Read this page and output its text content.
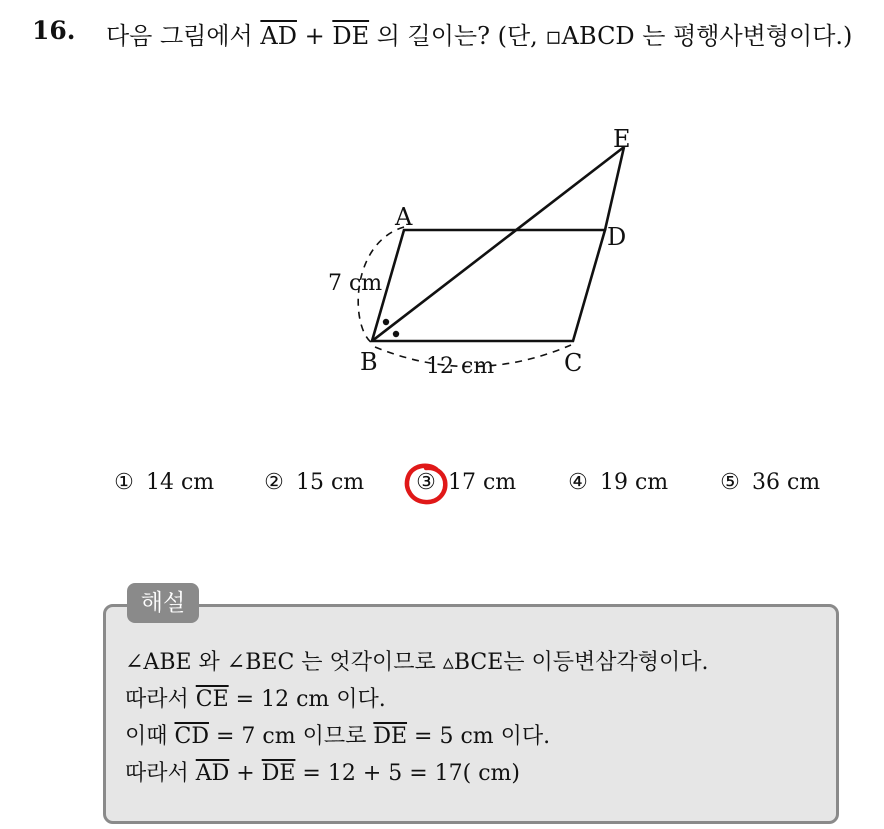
16. 다음 그림에서 $\overline{AD} + \overline{DE}$ 의 길이는? (단, ▫ABCD 는 평행사변형이다.)
A
B	C
D
E
7 cm
12 cm
① 14 cm ② 15 cm ③ 17 cm ④ 19 cm ⑤ 36 cm
해설
∠ABE 와 ∠BEC 는 엇각이므로 ▵BCE는 이등변삼각형이다.
따라서 $\overline{CE} = 12$ cm 이다.
이때 $\overline{CD} = 7$ cm 이므로 $\overline{DE} = 5$ cm 이다.
따라서 $\overline{AD} + \overline{DE} = 12 + 5 = 17$( cm)
